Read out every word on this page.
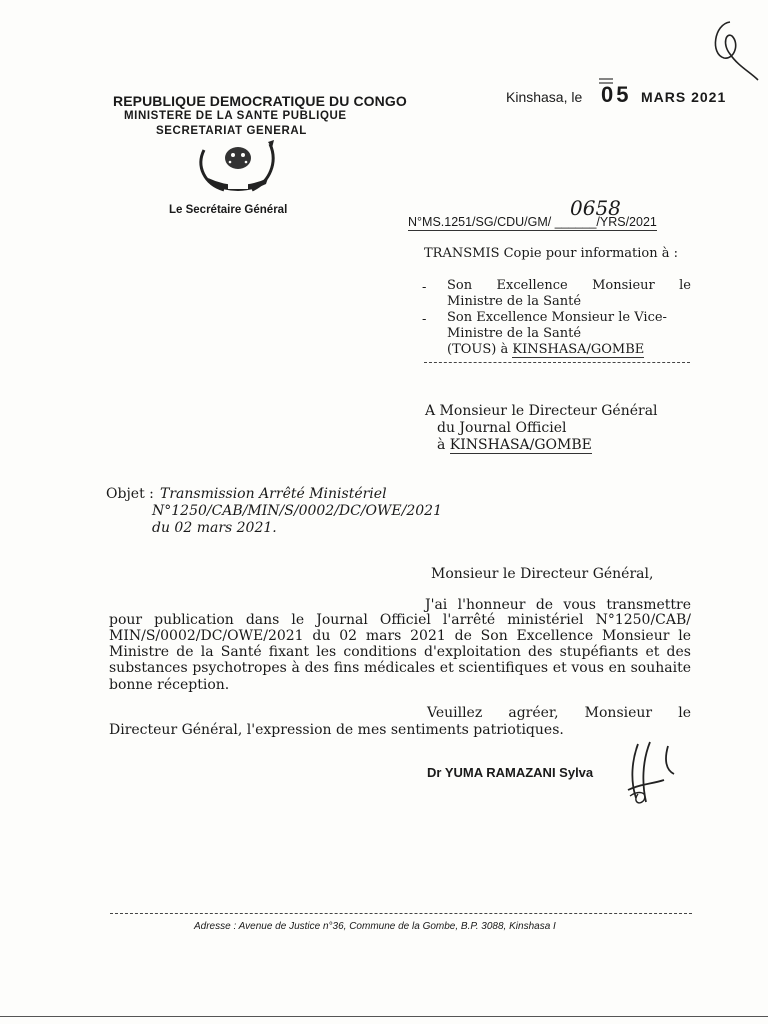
REPUBLIQUE DEMOCRATIQUE DU CONGO
MINISTERE DE LA SANTE PUBLIQUE
SECRETARIAT GENERAL
Le Secrétaire Général
Kinshasa, le 05 MARS 2021
N°MS.1251/SG/CDU/GM/ ______/YRS/2021
0658
TRANSMIS Copie pour information à :
- Son Excellence Monsieur le
Ministre de la Santé
- Son Excellence Monsieur le Vice-
Ministre de la Santé
(TOUS) à KINSHASA/GOMBE
A Monsieur le Directeur Général
du Journal Officiel
à KINSHASA/GOMBE
Objet : Transmission Arrêté Ministériel
N°1250/CAB/MIN/S/0002/DC/OWE/2021
du 02 mars 2021.
Monsieur le Directeur Général,
J'ai l'honneur de vous transmettre
pour publication dans le Journal Officiel l'arrêté ministériel N°1250/CAB/
MIN/S/0002/DC/OWE/2021 du 02 mars 2021 de Son Excellence Monsieur le
Ministre de la Santé fixant les conditions d'exploitation des stupéfiants et des
substances psychotropes à des fins médicales et scientifiques et vous en souhaite
bonne réception.
Veuillez agréer, Monsieur le
Directeur Général, l'expression de mes sentiments patriotiques.
Dr YUMA RAMAZANI Sylva
Adresse : Avenue de Justice n°36, Commune de la Gombe, B.P. 3088, Kinshasa I
